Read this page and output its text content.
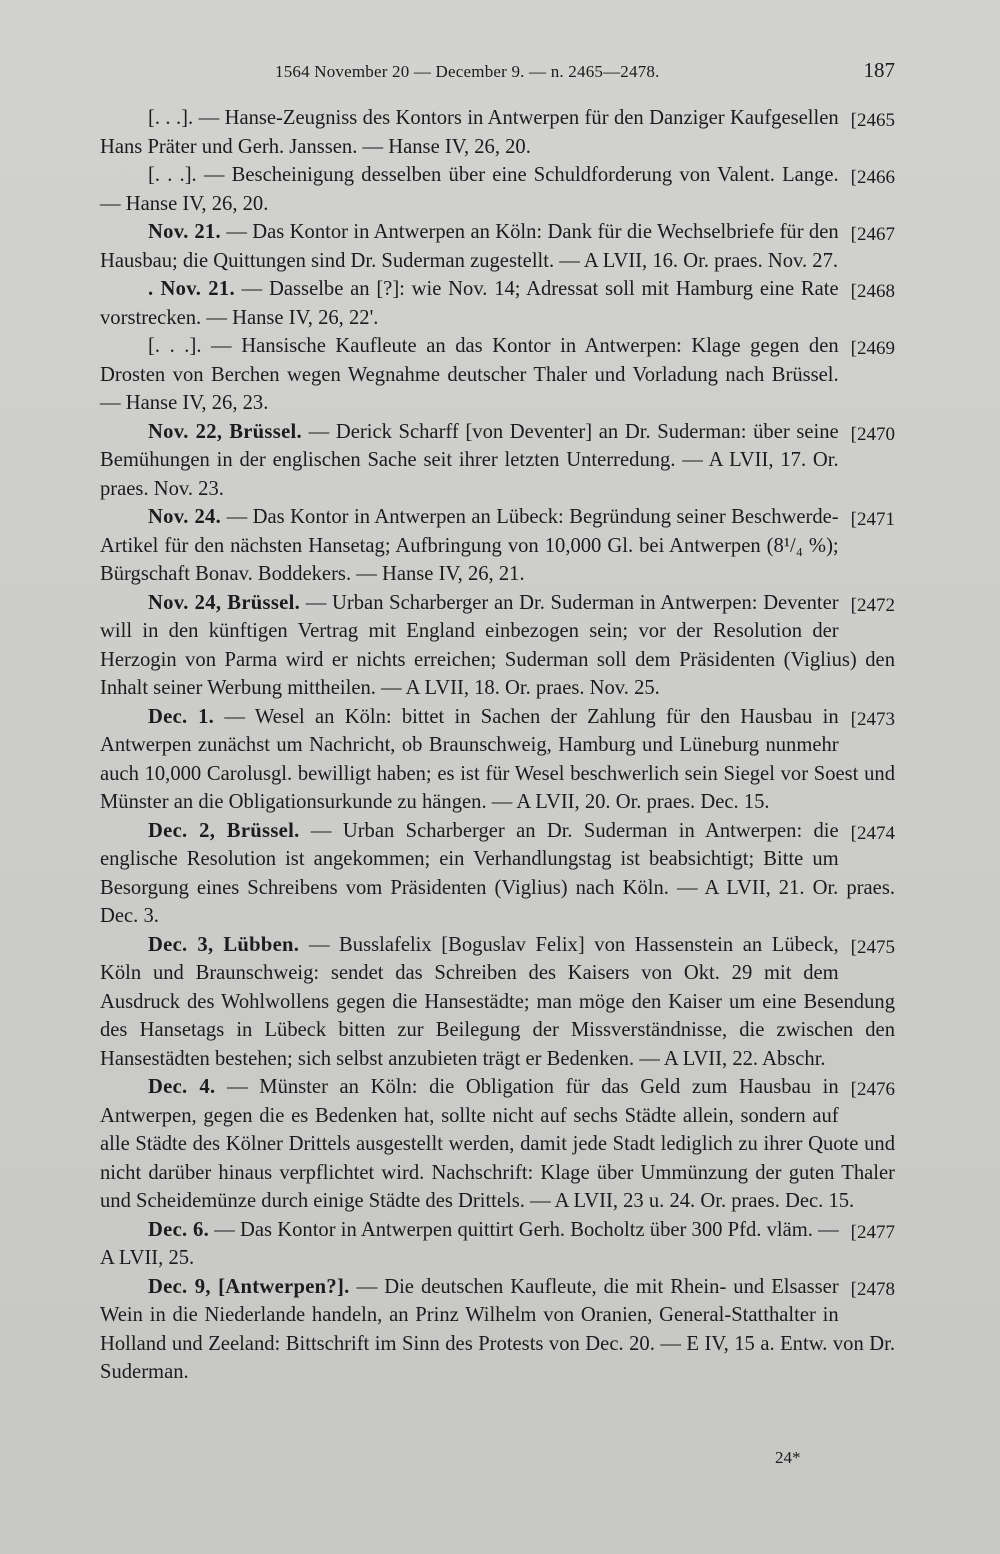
1564 November 20 — December 9. — n. 2465—2478.	187
[2465
[. . .]. — Hanse-Zeugniss des Kontors in Antwerpen für den Danziger Kaufgesellen Hans Präter und Gerh. Janssen. — Hanse IV, 26, 20.
[2466
[. . .]. — Bescheinigung desselben über eine Schuldforderung von Valent. Lange. — Hanse IV, 26, 20.
[2467
Nov. 21. — Das Kontor in Antwerpen an Köln: Dank für die Wechselbriefe für den Hausbau; die Quittungen sind Dr. Suderman zugestellt. — A LVII, 16. Or. praes. Nov. 27.
[2468
. Nov. 21. — Dasselbe an [?]: wie Nov. 14; Adressat soll mit Hamburg eine Rate vorstrecken. — Hanse IV, 26, 22'.
[2469
[. . .]. — Hansische Kaufleute an das Kontor in Antwerpen: Klage gegen den Drosten von Berchen wegen Wegnahme deutscher Thaler und Vorladung nach Brüssel. — Hanse IV, 26, 23.
[2470
Nov. 22, Brüssel. — Derick Scharff [von Deventer] an Dr. Suderman: über seine Bemühungen in der englischen Sache seit ihrer letzten Unterredung. — A LVII, 17. Or. praes. Nov. 23.
[2471
Nov. 24. — Das Kontor in Antwerpen an Lübeck: Begründung seiner Beschwerde-Artikel für den nächsten Hansetag; Aufbringung von 10,000 Gl. bei Antwerpen (8¹/₄ %); Bürgschaft Bonav. Boddekers. — Hanse IV, 26, 21.
[2472
Nov. 24, Brüssel. — Urban Scharberger an Dr. Suderman in Antwerpen: Deventer will in den künftigen Vertrag mit England einbezogen sein; vor der Resolution der Herzogin von Parma wird er nichts erreichen; Suderman soll dem Präsidenten (Viglius) den Inhalt seiner Werbung mittheilen. — A LVII, 18. Or. praes. Nov. 25.
[2473
Dec. 1. — Wesel an Köln: bittet in Sachen der Zahlung für den Hausbau in Antwerpen zunächst um Nachricht, ob Braunschweig, Hamburg und Lüneburg nunmehr auch 10,000 Carolusgl. bewilligt haben; es ist für Wesel beschwerlich sein Siegel vor Soest und Münster an die Obligationsurkunde zu hängen. — A LVII, 20. Or. praes. Dec. 15.
[2474
Dec. 2, Brüssel. — Urban Scharberger an Dr. Suderman in Antwerpen: die englische Resolution ist angekommen; ein Verhandlungstag ist beabsichtigt; Bitte um Besorgung eines Schreibens vom Präsidenten (Viglius) nach Köln. — A LVII, 21. Or. praes. Dec. 3.
[2475
Dec. 3, Lübben. — Busslafelix [Boguslav Felix] von Hassenstein an Lübeck, Köln und Braunschweig: sendet das Schreiben des Kaisers von Okt. 29 mit dem Ausdruck des Wohlwollens gegen die Hansestädte; man möge den Kaiser um eine Besendung des Hansetags in Lübeck bitten zur Beilegung der Missverständnisse, die zwischen den Hansestädten bestehen; sich selbst anzubieten trägt er Bedenken. — A LVII, 22. Abschr.
[2476
Dec. 4. — Münster an Köln: die Obligation für das Geld zum Hausbau in Antwerpen, gegen die es Bedenken hat, sollte nicht auf sechs Städte allein, sondern auf alle Städte des Kölner Drittels ausgestellt werden, damit jede Stadt lediglich zu ihrer Quote und nicht darüber hinaus verpflichtet wird. Nachschrift: Klage über Ummünzung der guten Thaler und Scheidemünze durch einige Städte des Drittels. — A LVII, 23 u. 24. Or. praes. Dec. 15.
[2477
Dec. 6. — Das Kontor in Antwerpen quittirt Gerh. Bocholtz über 300 Pfd. vläm. — A LVII, 25.
[2478
Dec. 9, [Antwerpen?]. — Die deutschen Kaufleute, die mit Rhein- und Elsasser Wein in die Niederlande handeln, an Prinz Wilhelm von Oranien, General-Statthalter in Holland und Zeeland: Bittschrift im Sinn des Protests von Dec. 20. — E IV, 15 a. Entw. von Dr. Suderman.
24*
